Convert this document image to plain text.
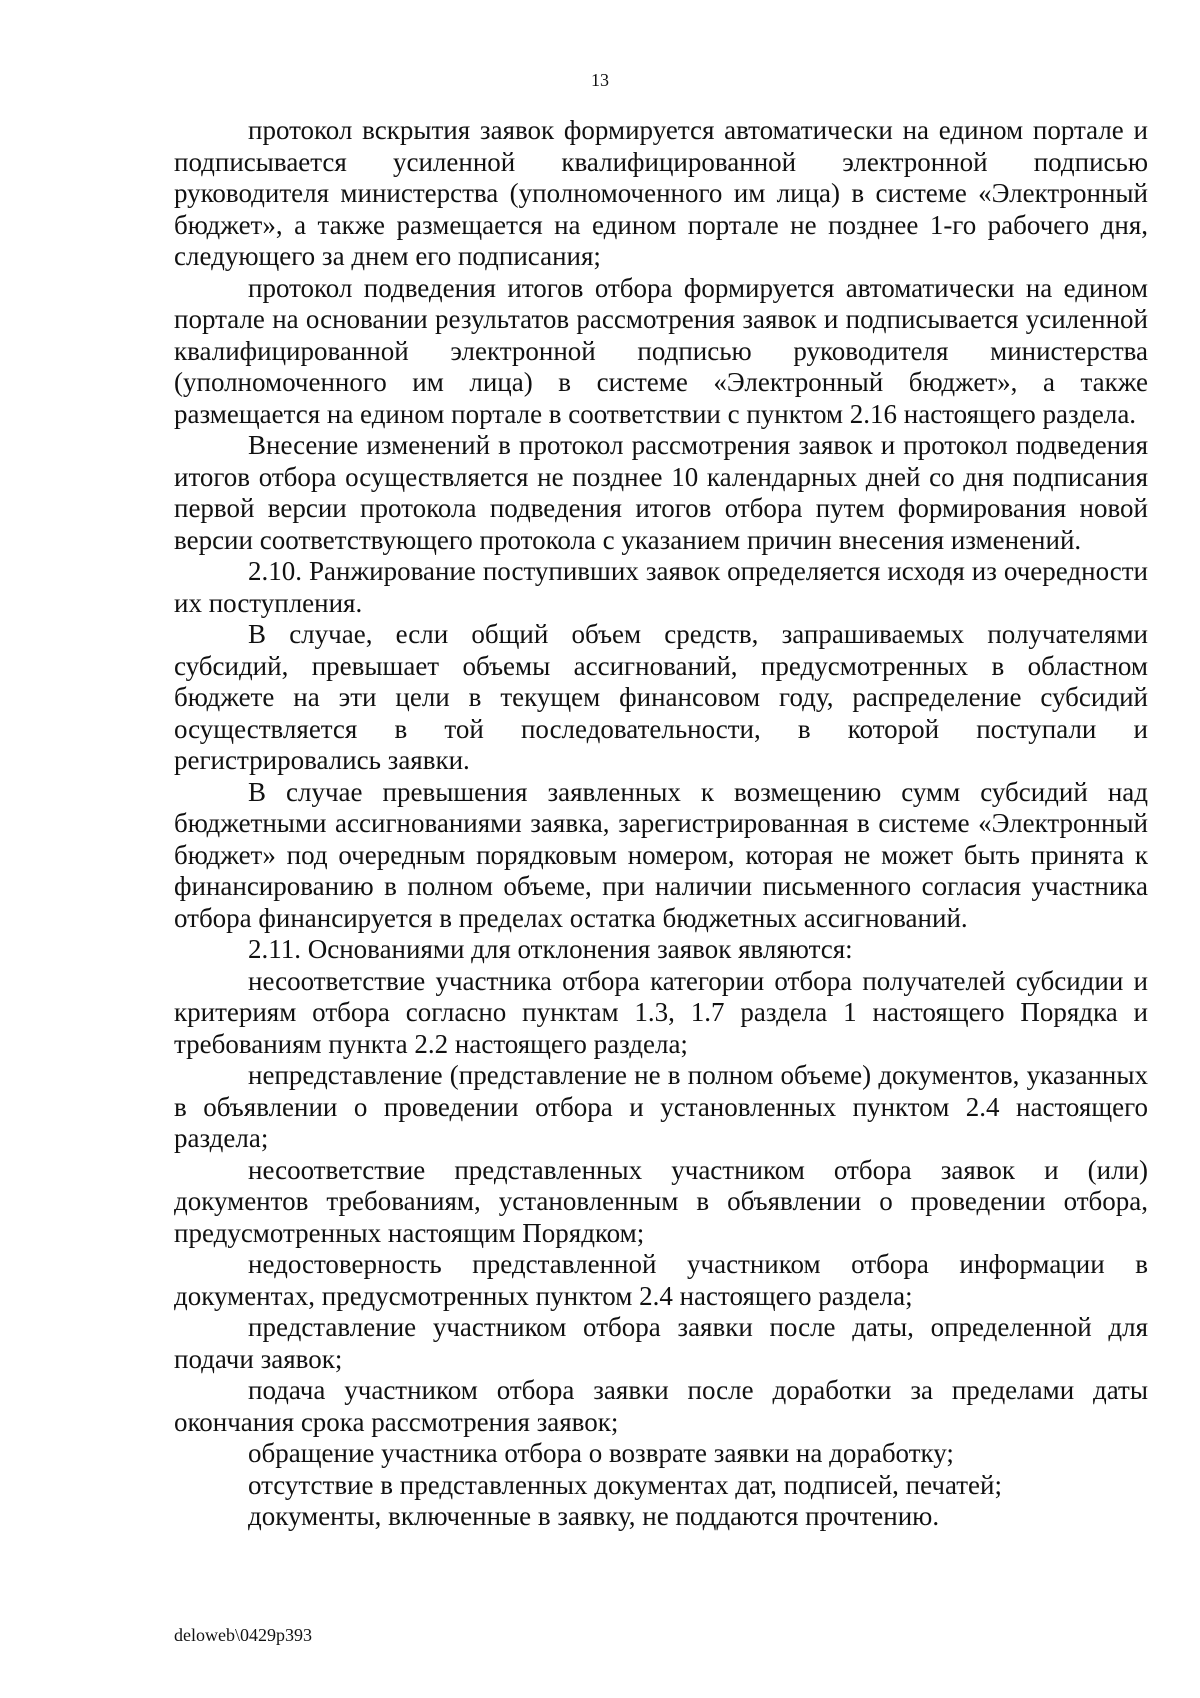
13

протокол вскрытия заявок формируется автоматически на едином портале и подписывается усиленной квалифицированной электронной подписью руководителя министерства (уполномоченного им лица) в системе «Электронный бюджет», а также размещается на едином портале не позднее 1-го рабочего дня, следующего за днем его подписания;

протокол подведения итогов отбора формируется автоматически на едином портале на основании результатов рассмотрения заявок и подписывается усиленной квалифицированной электронной подписью руководителя министерства (уполномоченного им лица) в системе «Электронный бюджет», а также размещается на едином портале в соответствии с пунктом 2.16 настоящего раздела.

Внесение изменений в протокол рассмотрения заявок и протокол подведения итогов отбора осуществляется не позднее 10 календарных дней со дня подписания первой версии протокола подведения итогов отбора путем формирования новой версии соответствующего протокола с указанием причин внесения изменений.

2.10. Ранжирование поступивших заявок определяется исходя из очередности их поступления.

В случае, если общий объем средств, запрашиваемых получателями субсидий, превышает объемы ассигнований, предусмотренных в областном бюджете на эти цели в текущем финансовом году, распределение субсидий осуществляется в той последовательности, в которой поступали и регистрировались заявки.

В случае превышения заявленных к возмещению сумм субсидий над бюджетными ассигнованиями заявка, зарегистрированная в системе «Электронный бюджет» под очередным порядковым номером, которая не может быть принята к финансированию в полном объеме, при наличии письменного согласия участника отбора финансируется в пределах остатка бюджетных ассигнований.

2.11. Основаниями для отклонения заявок являются:

несоответствие участника отбора категории отбора получателей субсидии и критериям отбора согласно пунктам 1.3, 1.7 раздела 1 настоящего Порядка и требованиям пункта 2.2 настоящего раздела;

непредставление (представление не в полном объеме) документов, указанных в объявлении о проведении отбора и установленных пунктом 2.4 настоящего раздела;

несоответствие представленных участником отбора заявок и (или) документов требованиям, установленным в объявлении о проведении отбора, предусмотренных настоящим Порядком;

недостоверность представленной участником отбора информации в документах, предусмотренных пунктом 2.4 настоящего раздела;

представление участником отбора заявки после даты, определенной для подачи заявок;

подача участником отбора заявки после доработки за пределами даты окончания срока рассмотрения заявок;

обращение участника отбора о возврате заявки на доработку;

отсутствие в представленных документах дат, подписей, печатей;

документы, включенные в заявку, не поддаются прочтению.

deloweb\0429p393
